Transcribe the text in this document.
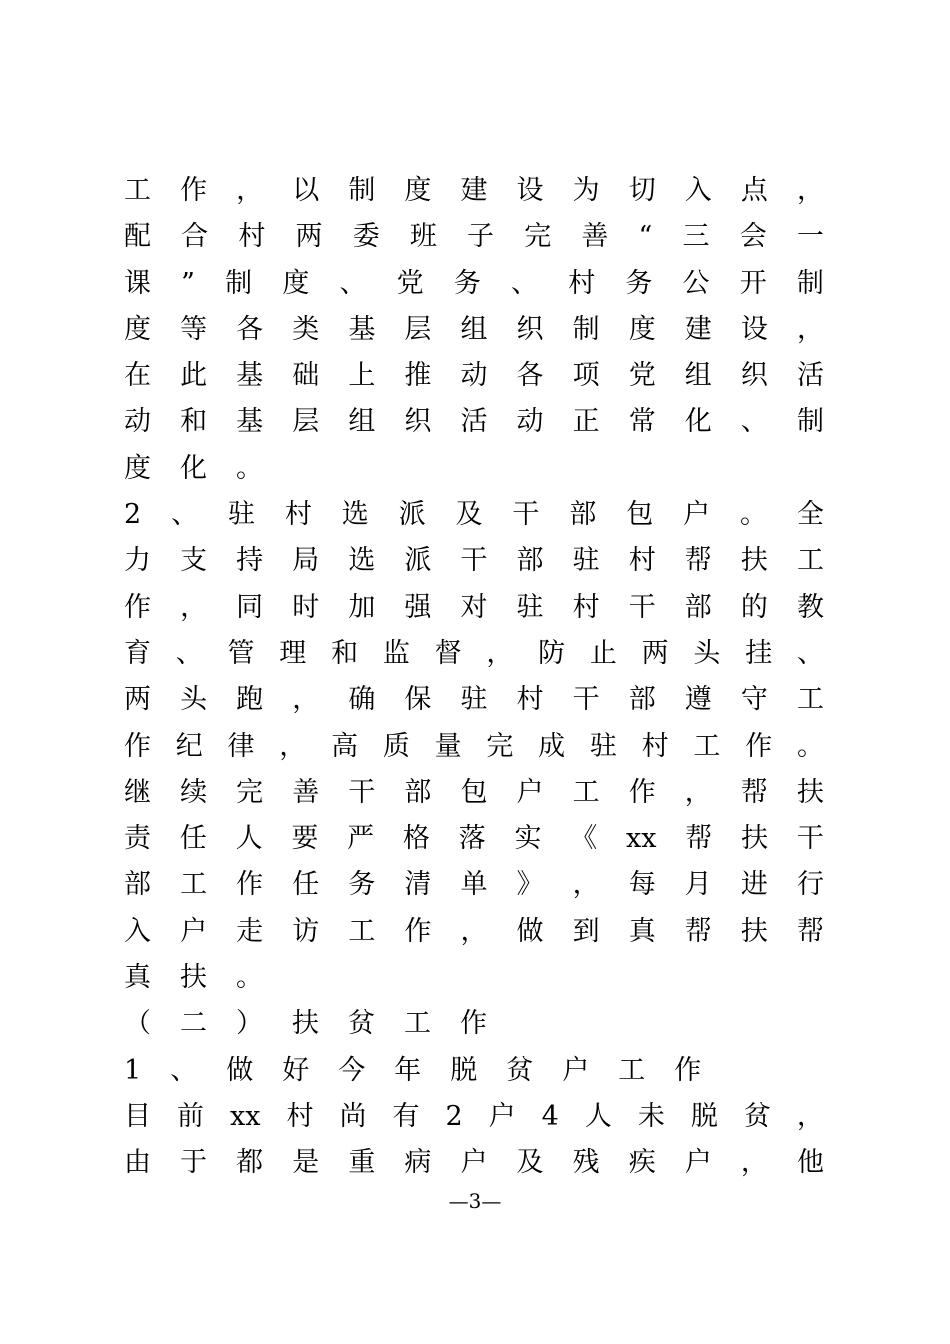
工 作 ， 以 制 度 建 设 为 切 入 点 ，
配 合 村 两 委 班 子 完 善 “ 三 会 一
课 ” 制 度 、 党 务 、 村 务 公 开 制
度 等 各 类 基 层 组 织 制 度 建 设 ，
在 此 基 础 上 推 动 各 项 党 组 织 活
动 和 基 层 组 织 活 动 正 常 化 、 制
度 化 。
2 、 驻 村 选 派 及 干 部 包 户 。 全
力 支 持 局 选 派 干 部 驻 村 帮 扶 工
作 ， 同 时 加 强 对 驻 村 干 部 的 教
育 、 管 理 和 监 督 ， 防 止 两 头 挂 、
两 头 跑 ， 确 保 驻 村 干 部 遵 守 工
作 纪 律 ， 高 质 量 完 成 驻 村 工 作 。
继 续 完 善 干 部 包 户 工 作 ， 帮 扶
责 任 人 要 严 格 落 实 《 xx 帮 扶 干
部 工 作 任 务 清 单 》 ， 每 月 进 行
入 户 走 访 工 作 ， 做 到 真 帮 扶 帮
真 扶 。
（ 二 ） 扶 贫 工 作
1 、 做 好 今 年 脱 贫 户 工 作
目 前 xx 村 尚 有 2 户 4 人 未 脱 贫 ，
由 于 都 是 重 病 户 及 残 疾 户 ， 他
—3—
